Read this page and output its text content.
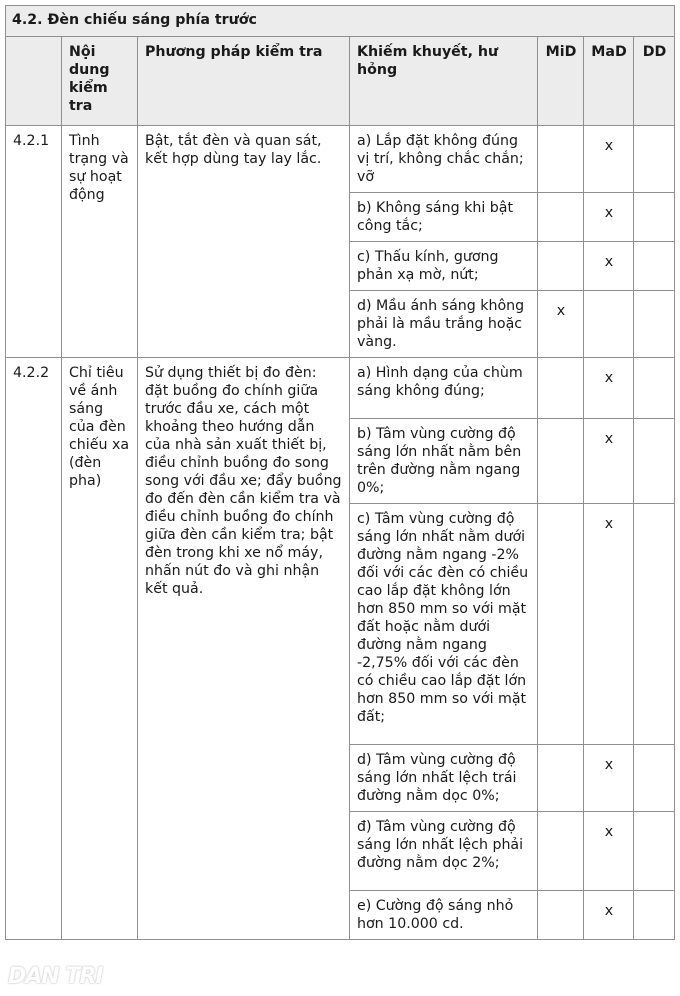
4.2. Đèn chiếu sáng phía trước						
	Nội dung kiểm tra	Phương pháp kiểm tra	Khiếm khuyết, hư hỏng	MiD	MaD	DD
4.2.1	Tình trạng và sự hoạt động	Bật, tắt đèn và quan sát, kết hợp dùng tay lay lắc.	a) Lắp đặt không đúng vị trí, không chắc chắn; vỡ		x	
			b) Không sáng khi bật công tắc;		x	
			c) Thấu kính, gương phản xạ mờ, nứt;		x	
			d) Mầu ánh sáng không phải là mầu trắng hoặc vàng.	x		
4.2.2	Chỉ tiêu về ánh sáng của đèn chiếu xa (đèn pha)	Sử dụng thiết bị đo đèn: đặt buồng đo chính giữa trước đầu xe, cách một khoảng theo hướng dẫn của nhà sản xuất thiết bị, điều chỉnh buồng đo song song với đầu xe; đẩy buồng đo đến đèn cần kiểm tra và điều chỉnh buồng đo chính giữa đèn cần kiểm tra; bật đèn trong khi xe nổ máy, nhấn nút đo và ghi nhận kết quả.	a) Hình dạng của chùm sáng không đúng;		x	
			b) Tâm vùng cường độ sáng lớn nhất nằm bên trên đường nằm ngang 0%;		x	
			c) Tâm vùng cường độ sáng lớn nhất nằm dưới đường nằm ngang -2% đối với các đèn có chiều cao lắp đặt không lớn hơn 850 mm so với mặt đất hoặc nằm dưới đường nằm ngang -2,75% đối với các đèn có chiều cao lắp đặt lớn hơn 850 mm so với mặt đất;		x	
			d) Tâm vùng cường độ sáng lớn nhất lệch trái đường nằm dọc 0%;		x	
			đ) Tâm vùng cường độ sáng lớn nhất lệch phải đường nằm dọc 2%;		x	
			e) Cường độ sáng nhỏ hơn 10.000 cd.		x	
DAN TRI
